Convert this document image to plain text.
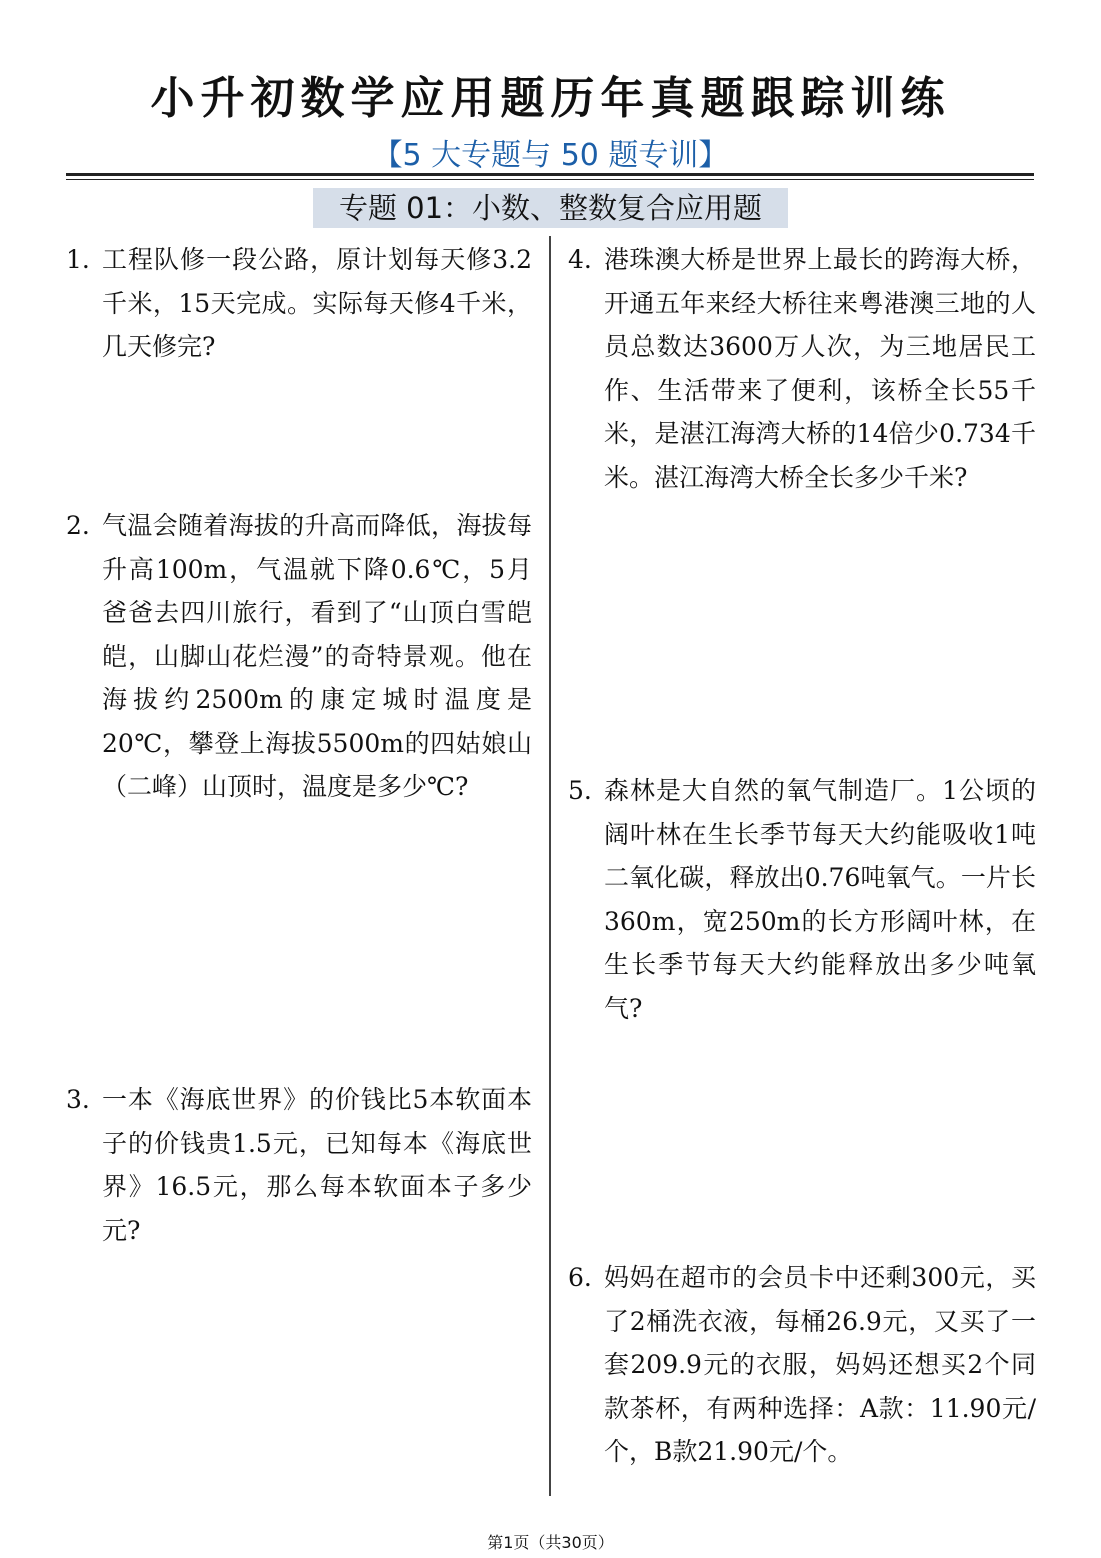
小升初数学应用题历年真题跟踪训练
【5 大专题与 50 题专训】
专题 01：小数、整数复合应用题
1. 工程队修一段公路，原计划每天修3.2千米，15天完成。实际每天修4千米，几天修完?
2. 气温会随着海拔的升高而降低，海拔每升高100m，气温就下降0.6℃，5月爸爸去四川旅行，看到了“山顶白雪皑皑，山脚山花烂漫”的奇特景观。他在海拔约2500m的康定城时温度是20℃，攀登上海拔5500m的四姑娘山（二峰）山顶时，温度是多少℃?
3. 一本《海底世界》的价钱比5本软面本子的价钱贵1.5元，已知每本《海底世界》16.5元，那么每本软面本子多少元?
4. 港珠澳大桥是世界上最长的跨海大桥，开通五年来经大桥往来粤港澳三地的人员总数达3600万人次，为三地居民工作、生活带来了便利，该桥全长55千米，是湛江海湾大桥的14倍少0.734千米。湛江海湾大桥全长多少千米?
5. 森林是大自然的氧气制造厂。1公顷的阔叶林在生长季节每天大约能吸收1吨二氧化碳，释放出0.76吨氧气。一片长360m，宽250m的长方形阔叶林，在生长季节每天大约能释放出多少吨氧气?
6. 妈妈在超市的会员卡中还剩300元，买了2桶洗衣液，每桶26.9元，又买了一套209.9元的衣服，妈妈还想买2个同款茶杯，有两种选择：A款：11.90元/个，B款21.90元/个。
第1页（共30页）
